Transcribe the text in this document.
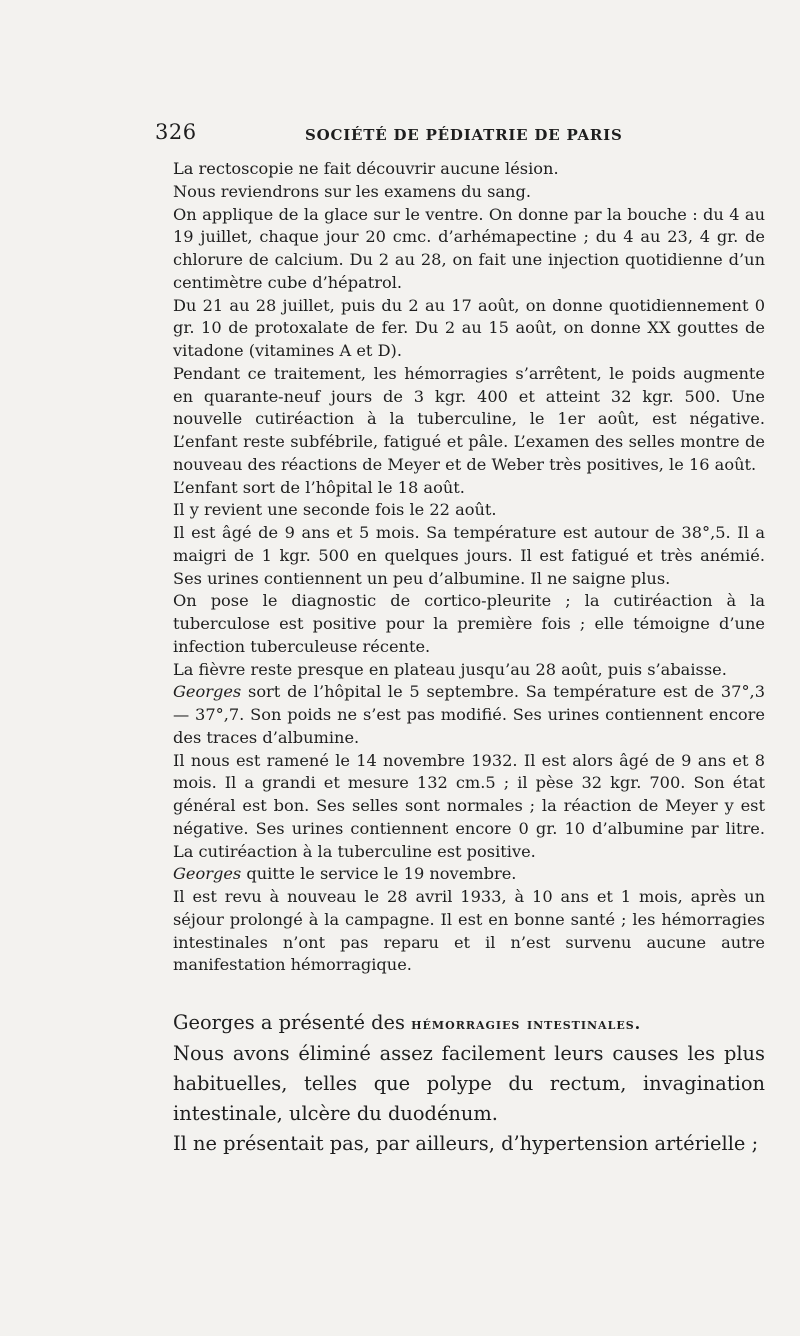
326	SOCIÉTÉ DE PÉDIATRIE DE PARIS

La rectoscopie ne fait découvrir aucune lésion.

Nous reviendrons sur les examens du sang.

On applique de la glace sur le ventre. On donne par la bouche : du 4 au 19 juillet, chaque jour 20 cmc. d’arhémapectine ; du 4 au 23, 4 gr. de chlorure de calcium. Du 2 au 28, on fait une injection quotidienne d’un centimètre cube d’hépatrol.

Du 21 au 28 juillet, puis du 2 au 17 août, on donne quotidiennement 0 gr. 10 de protoxalate de fer. Du 2 au 15 août, on donne XX gouttes de vitadone (vitamines A et D).

Pendant ce traitement, les hémorragies s’arrêtent, le poids augmente en quarante-neuf jours de 3 kgr. 400 et atteint 32 kgr. 500. Une nouvelle cutiréaction à la tuberculine, le 1er août, est négative. L’enfant reste subfébrile, fatigué et pâle. L’examen des selles montre de nouveau des réactions de Meyer et de Weber très positives, le 16 août.

L’enfant sort de l’hôpital le 18 août.

Il y revient une seconde fois le 22 août.

Il est âgé de 9 ans et 5 mois. Sa température est autour de 38°,5. Il a maigri de 1 kgr. 500 en quelques jours. Il est fatigué et très anémié. Ses urines contiennent un peu d’albumine. Il ne saigne plus.

On pose le diagnostic de cortico-pleurite ; la cutiréaction à la tuberculose est positive pour la première fois ; elle témoigne d’une infection tuberculeuse récente.

La fièvre reste presque en plateau jusqu’au 28 août, puis s’abaisse.

Georges sort de l’hôpital le 5 septembre. Sa température est de 37°,3 — 37°,7. Son poids ne s’est pas modifié. Ses urines contiennent encore des traces d’albumine.

Il nous est ramené le 14 novembre 1932. Il est alors âgé de 9 ans et 8 mois. Il a grandi et mesure 132 cm.5 ; il pèse 32 kgr. 700. Son état général est bon. Ses selles sont normales ; la réaction de Meyer y est négative. Ses urines contiennent encore 0 gr. 10 d’albumine par litre. La cutiréaction à la tuberculine est positive.

Georges quitte le service le 19 novembre.

Il est revu à nouveau le 28 avril 1933, à 10 ans et 1 mois, après un séjour prolongé à la campagne. Il est en bonne santé ; les hémorragies intestinales n’ont pas reparu et il n’est survenu aucune autre manifestation hémorragique.

Georges a présenté des hémorragies intestinales.

Nous avons éliminé assez facilement leurs causes les plus habituelles, telles que polype du rectum, invagination intestinale, ulcère du duodénum.

Il ne présentait pas, par ailleurs, d’hypertension artérielle ;
